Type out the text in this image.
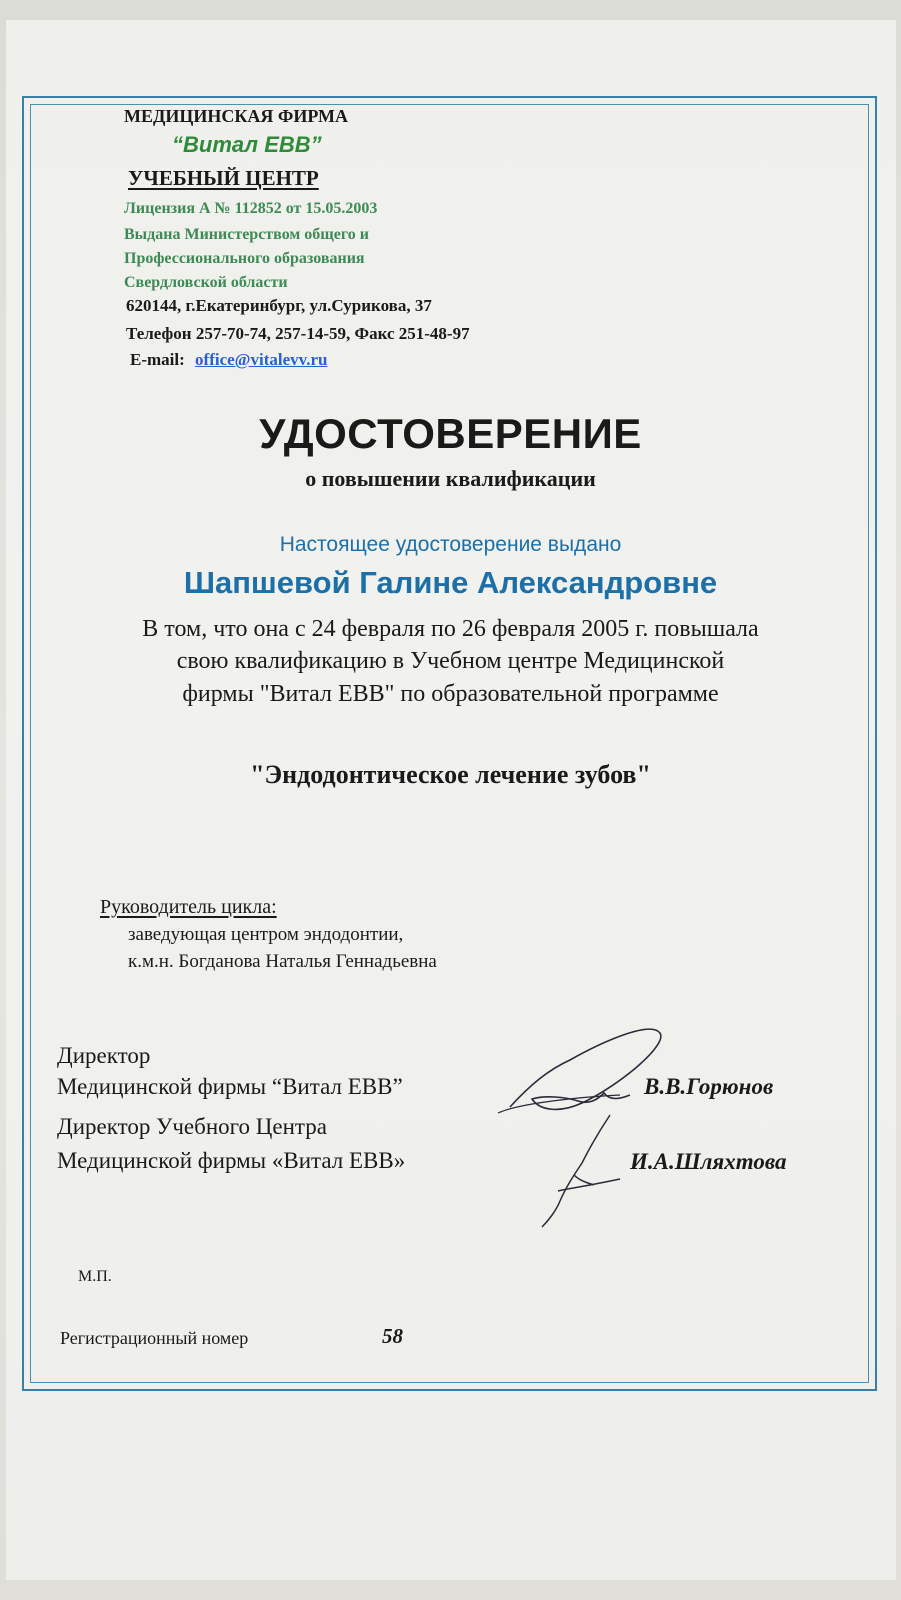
МЕДИЦИНСКАЯ ФИРМА
“Витал ЕВВ”
УЧЕБНЫЙ ЦЕНТР
Лицензия А № 112852 от 15.05.2003
Выдана Министерством общего и
Профессионального образования
Свердловской области
620144, г.Екатеринбург, ул.Сурикова, 37
Телефон 257-70-74, 257-14-59, Факс 251-48-97
E-mail: office@vitalevv.ru
УДОСТОВЕРЕНИЕ
о повышении квалификации
Настоящее удостоверение выдано
Шапшевой Галине Александровне
В том, что она с 24 февраля по 26 февраля 2005 г. повышала
свою квалификацию в Учебном центре Медицинской
фирмы "Витал ЕВВ" по образовательной программе
"Эндодонтическое лечение зубов"
Руководитель цикла:
заведующая центром эндодонтии,
к.м.н. Богданова Наталья Геннадьевна
Директор
Медицинской фирмы “Витал ЕВВ”
Директор Учебного Центра
Медицинской фирмы «Витал ЕВВ»
В.В.Горюнов
И.А.Шляхтова
М.П.
Регистрационный номер	58
